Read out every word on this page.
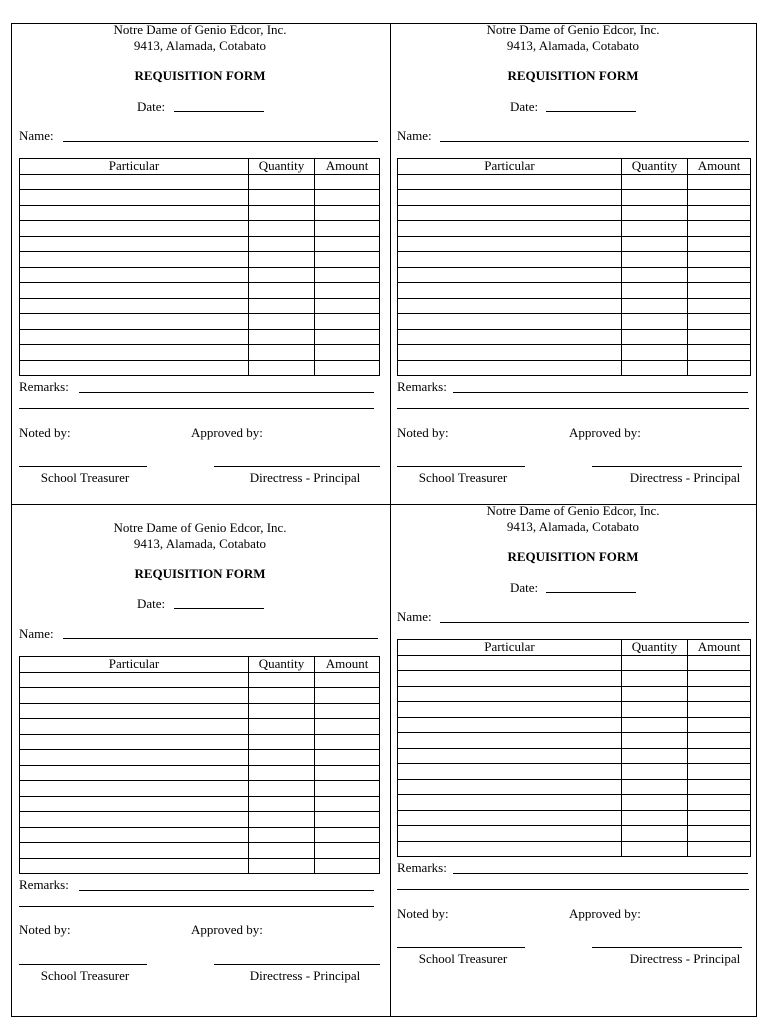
Notre Dame of Genio Edcor, Inc.
9413, Alamada, Cotabato
REQUISITION FORM
Date:
Name:
Particular	Quantity	Amount

Remarks:
Noted by:	Approved by:
School Treasurer	Directress - Principal
Notre Dame of Genio Edcor, Inc.
9413, Alamada, Cotabato
REQUISITION FORM
Date:
Name:
Particular	Quantity	Amount

Remarks:
Noted by:	Approved by:
School Treasurer	Directress - Principal
Notre Dame of Genio Edcor, Inc.
9413, Alamada, Cotabato
REQUISITION FORM
Date:
Name:
Particular	Quantity	Amount

Remarks:
Noted by:	Approved by:
School Treasurer	Directress - Principal
Notre Dame of Genio Edcor, Inc.
9413, Alamada, Cotabato
REQUISITION FORM
Date:
Name:
Particular	Quantity	Amount

Remarks:
Noted by:	Approved by:
School Treasurer	Directress - Principal
